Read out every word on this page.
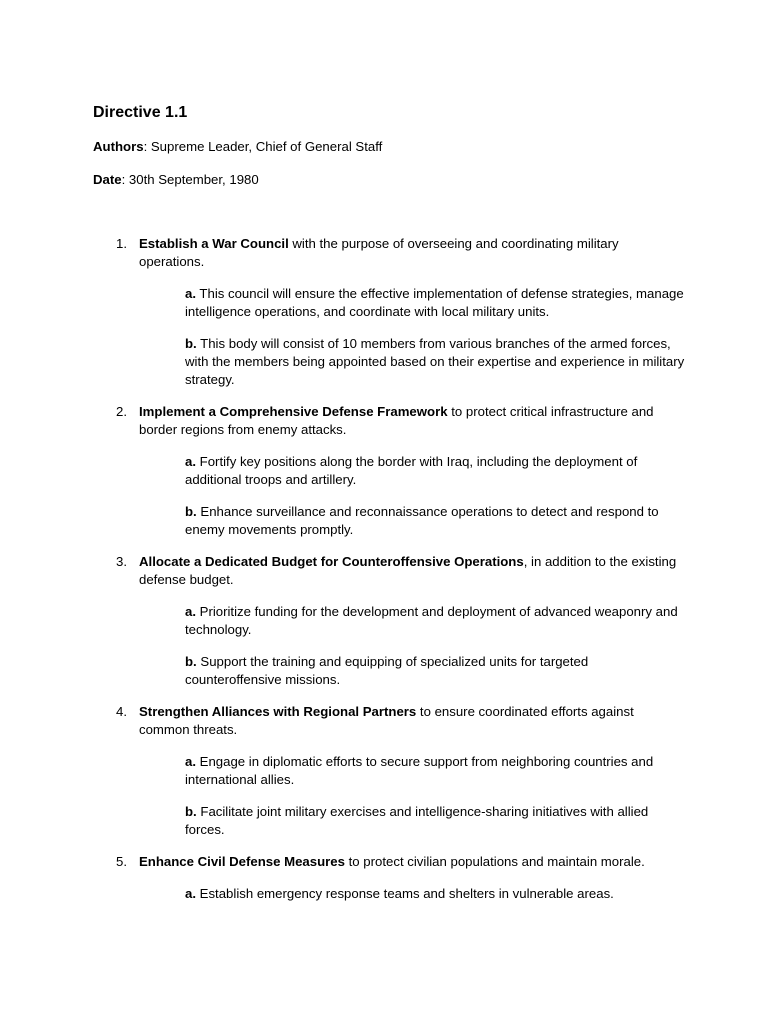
Directive 1.1

Authors: Supreme Leader, Chief of General Staff

Date: 30th September, 1980

1. Establish a War Council with the purpose of overseeing and coordinating military operations.
a. This council will ensure the effective implementation of defense strategies, manage intelligence operations, and coordinate with local military units.
b. This body will consist of 10 members from various branches of the armed forces, with the members being appointed based on their expertise and experience in military strategy.
2. Implement a Comprehensive Defense Framework to protect critical infrastructure and border regions from enemy attacks.
a. Fortify key positions along the border with Iraq, including the deployment of additional troops and artillery.
b. Enhance surveillance and reconnaissance operations to detect and respond to enemy movements promptly.
3. Allocate a Dedicated Budget for Counteroffensive Operations, in addition to the existing defense budget.
a. Prioritize funding for the development and deployment of advanced weaponry and technology.
b. Support the training and equipping of specialized units for targeted counteroffensive missions.
4. Strengthen Alliances with Regional Partners to ensure coordinated efforts against common threats.
a. Engage in diplomatic efforts to secure support from neighboring countries and international allies.
b. Facilitate joint military exercises and intelligence-sharing initiatives with allied forces.
5. Enhance Civil Defense Measures to protect civilian populations and maintain morale.
a. Establish emergency response teams and shelters in vulnerable areas.
